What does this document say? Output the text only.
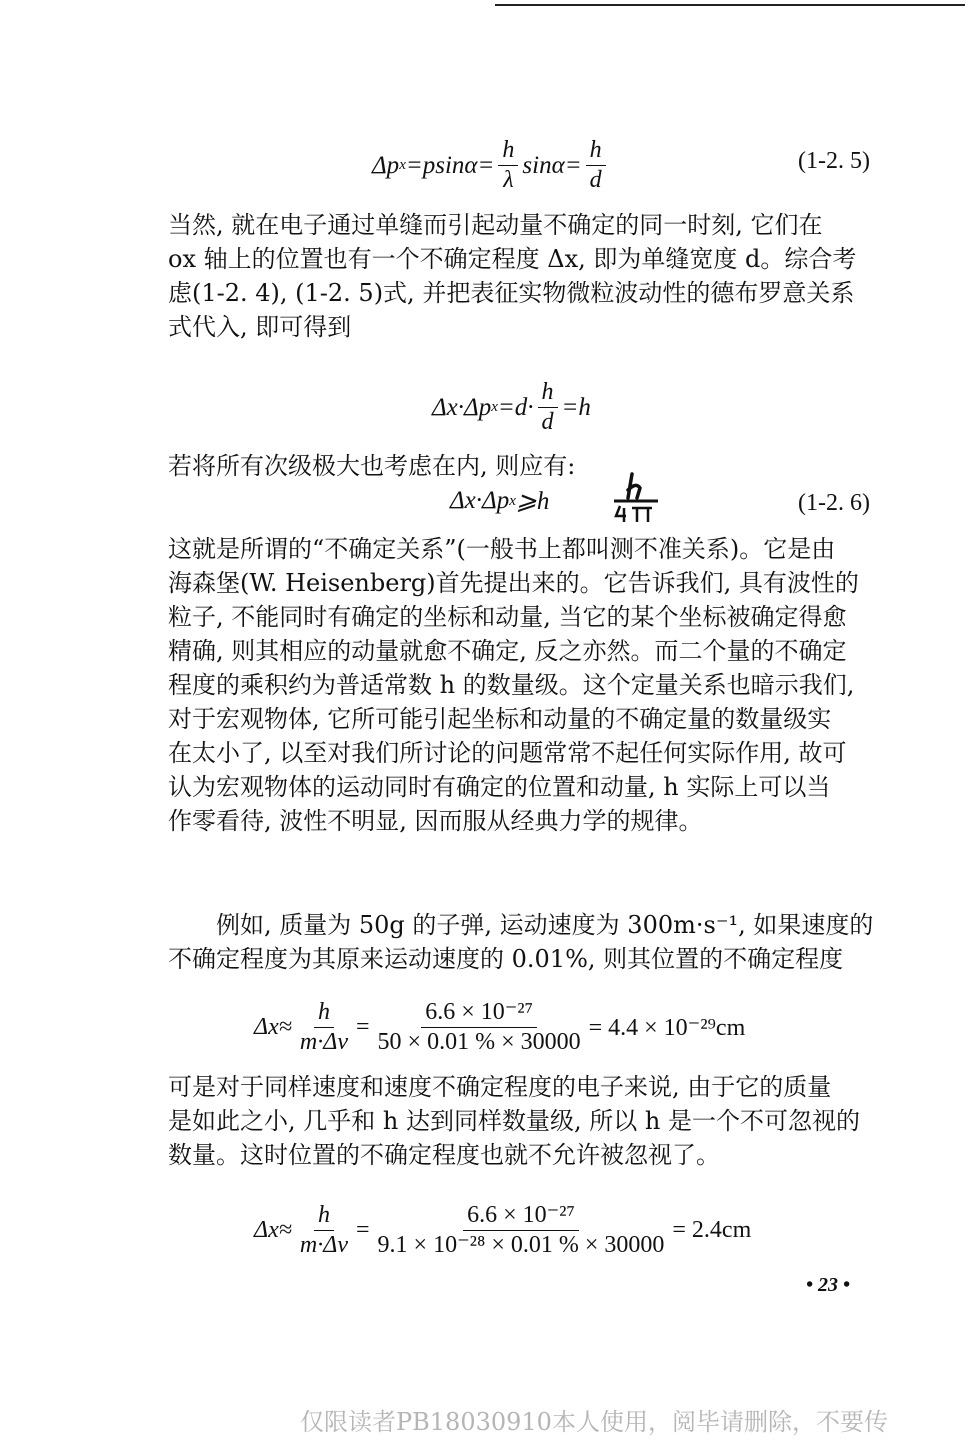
Δp $x =psin\alpha= \frac{h}{\lambda} \sin\alpha= \frac{h}{d}$	(1-2. 5)
当然, 就在电子通过单缝而引起动量不确定的同一时刻, 它们在
ox 轴上的位置也有一个不确定程度 Δx, 即为单缝宽度 d。综合考
虑(1-2. 4), (1-2. 5)式, 并把表征实物微粒波动性的德布罗意关系
式代入, 即可得到
Δx·Δp $x =d\cdot \frac{h}{d} =h$
若将所有次级极大也考虑在内, 则应有:
Δx·Δp x ⩾h	(1-2. 6)
这就是所谓的“不确定关系”(一般书上都叫测不准关系)。它是由
海森堡(W. Heisenberg)首先提出来的。它告诉我们, 具有波性的
粒子, 不能同时有确定的坐标和动量, 当它的某个坐标被确定得愈
精确, 则其相应的动量就愈不确定, 反之亦然。而二个量的不确定
程度的乘积约为普适常数 h 的数量级。这个定量关系也暗示我们,
对于宏观物体, 它所可能引起坐标和动量的不确定量的数量级实
在太小了, 以至对我们所讨论的问题常常不起任何实际作用, 故可
认为宏观物体的运动同时有确定的位置和动量, h 实际上可以当
作零看待, 波性不明显, 因而服从经典力学的规律。
例如, 质量为 50g 的子弹, 运动速度为 300m·s⁻¹, 如果速度的
不确定程度为其原来运动速度的 0.01%, 则其位置的不确定程度
$\Delta x\approx \frac{h}{m\cdot\Delta v} = \frac{\text{6.6 × 10⁻²⁷}}{50 \times 0.01 \% \times 30000} = 4.4 \times 10^{-29}cm$
可是对于同样速度和速度不确定程度的电子来说, 由于它的质量
是如此之小, 几乎和 h 达到同样数量级, 所以 h 是一个不可忽视的
数量。这时位置的不确定程度也就不允许被忽视了。
$\Delta x\approx \frac{h}{m\cdot\Delta v} = \frac{\text{6.6 × 10⁻²⁷}}{\text{9.1 × 10⁻²⁸ × 0.01 \% × 30000}} = 2.4cm$
• 23 •
仅限读者PB18030910本人使用，阅毕请删除，不要传
